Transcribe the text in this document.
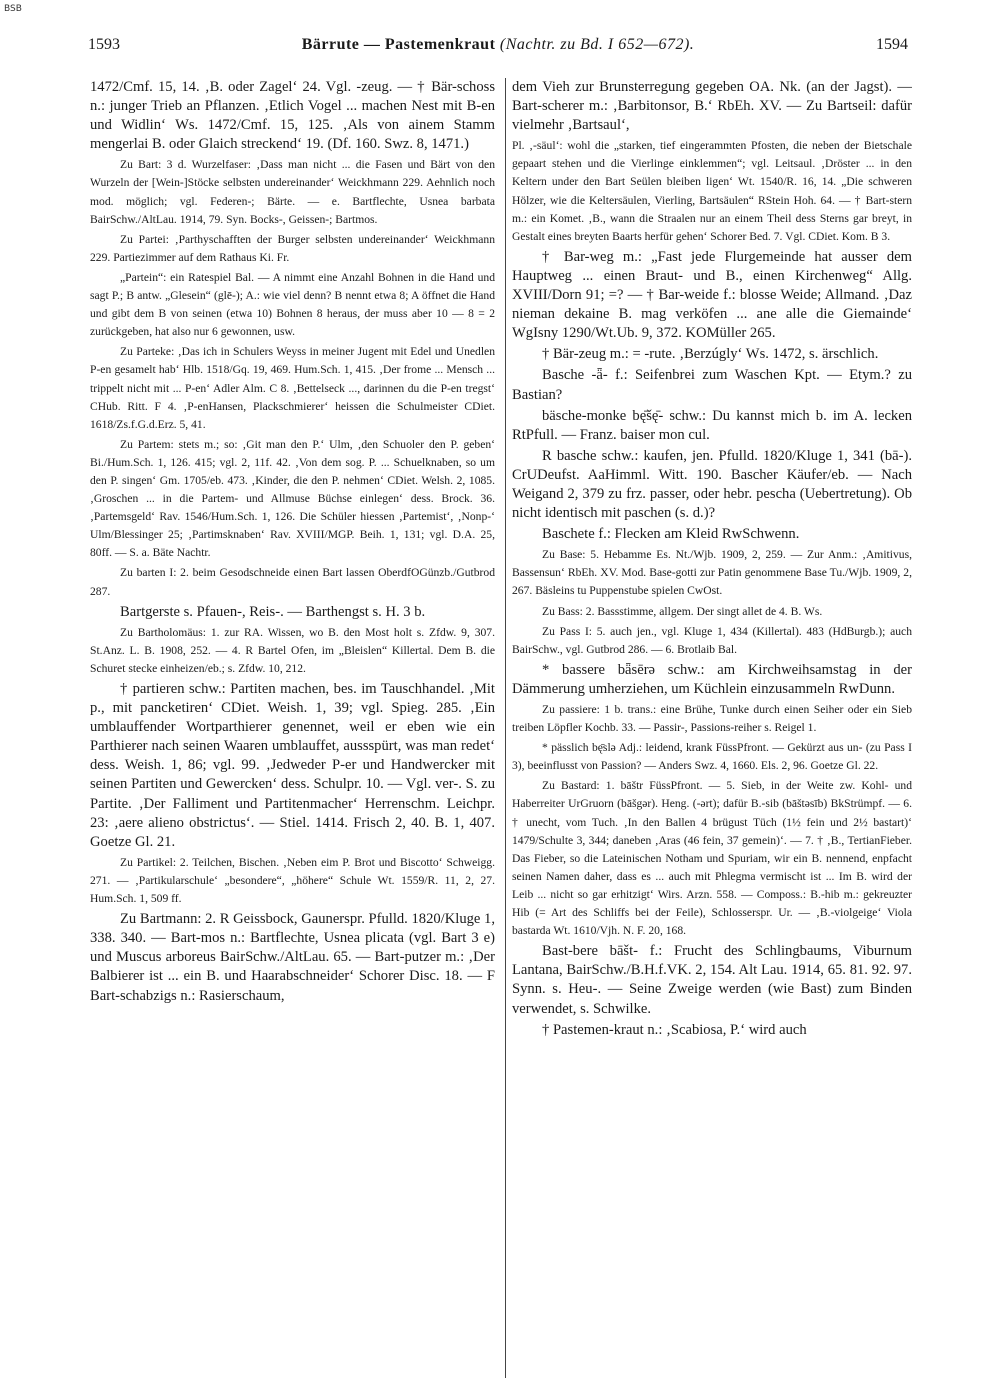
BSB
1593	Bärrute — Pastemenkraut (Nachtr. zu Bd. I 652—672).	1594

1472/Cmf. 15, 14. ‚B. oder Zagel‘ 24. Vgl. -zeug. — † Bär-schoss n.: junger Trieb an Pflanzen. ‚Etlich Vogel ... machen Nest mit B-en und Widlin‘ Ws. 1472/Cmf. 15, 125. ‚Als von ainem Stamm mengerlai B. oder Glaich streckend‘ 19. (Df. 160. Swz. 8, 1471.)

Zu Bart: 3 d. Wurzelfaser: ‚Dass man nicht ... die Fasen und Bärt von den Wurzeln der [Wein-]Stöcke selbsten undereinander‘ Weickhmann 229. Aehnlich noch mod. möglich; vgl. Federen-; Bärte. — e. Bartflechte, Usnea barbata BairSchw./AltLau. 1914, 79. Syn. Bocks-, Geissen-; Bartmos.

Zu Partei: ‚Parthyschafften der Burger selbsten undereinander‘ Weickhmann 229. Partiezimmer auf dem Rathaus Ki. Fr.

„Partein“: ein Ratespiel Bal. — A nimmt eine Anzahl Bohnen in die Hand und sagt P.; B antw. „Glesein“ (glē-); A.: wie viel denn? B nennt etwa 8; A öffnet die Hand und gibt dem B von seinen (etwa 10) Bohnen 8 heraus, der muss aber 10 — 8 = 2 zurückgeben, hat also nur 6 gewonnen, usw.

Zu Parteke: ‚Das ich in Schulers Weyss in meiner Jugent mit Edel und Unedlen P-en gesamelt hab‘ Hlb. 1518/Gq. 19, 469. Hum.Sch. 1, 415. ‚Der frome ... Mensch ... trippelt nicht mit ... P-en‘ Adler Alm. C 8. ‚Bettelseck ..., darinnen du die P-en tregst‘ CHub. Ritt. F 4. ‚P-enHansen, Plackschmierer‘ heissen die Schulmeister CDiet. 1618/Zs.f.G.d.Erz. 5, 41.

Zu Partem: stets m.; so: ‚Git man den P.‘ Ulm, ‚den Schuoler den P. geben‘ Bi./Hum.Sch. 1, 126. 415; vgl. 2, 11f. 42. ‚Von dem sog. P. ... Schuelknaben, so um den P. singen‘ Gm. 1705/eb. 473. ‚Kinder, die den P. nehmen‘ CDiet. Welsh. 2, 1085. ‚Groschen ... in die Partem- und Allmuse Büchse einlegen‘ dess. Brock. 36. ‚Partemsgeld‘ Rav. 1546/Hum.Sch. 1, 126. Die Schüler hiessen ‚Partemist‘, ‚Nonp-‘ Ulm/Blessinger 25; ‚Partimsknaben‘ Rav. XVIII/MGP. Beih. 1, 131; vgl. D.A. 25, 80ff. — S. a. Bäte Nachtr.

Zu barten I: 2. beim Gesodschneide einen Bart lassen OberdfOGünzb./Gutbrod 287.

Bartgerste s. Pfauen-, Reis-. — Barthengst s. H. 3 b.

Zu Bartholomäus: 1. zur RA. Wissen, wo B. den Most holt s. Zfdw. 9, 307. St.Anz. L. B. 1908, 252. — 4. R Bartel Ofen, im „Bleislen“ Killertal. Dem B. die Schuret stecke einheizen/eb.; s. Zfdw. 10, 212.

† partieren schw.: Partiten machen, bes. im Tauschhandel. ‚Mit p., mit pancketiren‘ CDiet. Weish. 1, 39; vgl. Spieg. 285. ‚Ein umblauffender Wortparthierer genennet, weil er eben wie ein Parthierer nach seinen Waaren umblauffet, aussspürt, was man redet‘ dess. Weish. 1, 86; vgl. 99. ‚Jedweder P-er und Handwercker mit seinen Partiten und Gewercken‘ dess. Schulpr. 10. — Vgl. ver-. S. zu Partite. ‚Der Falliment und Partitenmacher‘ Herrenschm. Leichpr. 23: ‚aere alieno obstrictus‘. — Stiel. 1414. Frisch 2, 40. B. 1, 407. Goetze Gl. 21.

Zu Partikel: 2. Teilchen, Bischen. ‚Neben eim P. Brot und Biscotto‘ Schweigg. 271. — ‚Partikularschule‘ „besondere“, „höhere“ Schule Wt. 1559/R. 11, 2, 27. Hum.Sch. 1, 509 ff.

Zu Bartmann: 2. R Geissbock, Gaunerspr. Pfulld. 1820/Kluge 1, 338. 340. — Bart-mos n.: Bartflechte, Usnea plicata (vgl. Bart 3 e) und Muscus arboreus BairSchw./AltLau. 65. — Bart-putzer m.: ‚Der Balbierer ist ... ein B. und Haarabschneider‘ Schorer Disc. 18. — F Bart-schabzigs n.: Rasierschaum,

dem Vieh zur Brunsterregung gegeben OA. Nk. (an der Jagst). — Bart-scherer m.: ‚Barbitonsor, B.‘ RbEh. XV. — Zu Bartseil: dafür vielmehr ‚Bartsaul‘,

Pl. ‚-säul‘: wohl die „starken, tief eingerammten Pfosten, die neben der Bietschale gepaart stehen und die Vierlinge einklemmen“; vgl. Leitsaul. ‚Dröster ... in den Keltern under den Bart Seülen bleiben ligen‘ Wt. 1540/R. 16, 14. „Die schweren Hölzer, wie die Keltersäulen, Vierling, Bartsäulen“ RStein Hoh. 64. — † Bart-stern m.: ein Komet. ‚B., wann die Straalen nur an einem Theil dess Sterns gar breyt, in Gestalt eines breyten Baarts herfür gehen‘ Schorer Bed. 7. Vgl. CDiet. Kom. B 3.

† Bar-weg m.: „Fast jede Flurgemeinde hat ausser dem Hauptweg ... einen Braut- und B., einen Kirchenweg“ Allg. XVIII/Dorn 91; =? — † Bar-weide f.: blosse Weide; Allmand. ‚Daz nieman dekaine B. mag verköfen ... ane alle die Giemainde‘ WgIsny 1290/Wt.Ub. 9, 372. KOMüller 265.

† Bär-zeug m.: = -rute. ‚Berzúgly‘ Ws. 1472, s. ärschlich.

Basche -ǟ- f.: Seifenbrei zum Waschen Kpt. — Etym.? zu Bastian?

bäsche-monke bę̄šę̄- schw.: Du kannst mich b. im A. lecken RtPfull. — Franz. baiser mon cul.

R basche schw.: kaufen, jen. Pfulld. 1820/Kluge 1, 341 (bā-). CrUDeufst. AaHimml. Witt. 190. Bascher Käufer/eb. — Nach Weigand 2, 379 zu frz. passer, oder hebr. pescha (Uebertretung). Ob nicht identisch mit paschen (s. d.)?

Baschete f.: Flecken am Kleid RwSchwenn.

Zu Base: 5. Hebamme Es. Nt./Wjb. 1909, 2, 259. — Zur Anm.: ‚Amitivus, Bassensun‘ RbEh. XV. Mod. Base-gotti zur Patin genommene Base Tu./Wjb. 1909, 2, 267. Bäsleins tu Puppenstube spielen CwOst.

Zu Bass: 2. Bassstimme, allgem. Der singt allet de 4. B. Ws.

Zu Pass I: 5. auch jen., vgl. Kluge 1, 434 (Killertal). 483 (HdBurgb.); auch BairSchw., vgl. Gutbrod 286. — 6. Brotlaib Bal.

* bassere bǟsērə schw.: am Kirchweihsamstag in der Dämmerung umherziehen, um Küchlein einzusammeln RwDunn.

Zu passiere: 1 b. trans.: eine Brühe, Tunke durch einen Seiher oder ein Sieb treiben Löpfler Kochb. 33. — Passir-, Passions-reiher s. Reigel 1.

* pässlich bę̄slə Adj.: leidend, krank FüssPfront. — Gekürzt aus un- (zu Pass I 3), beeinflusst von Passion? — Anders Swz. 4, 1660. Els. 2, 96. Goetze Gl. 22.

Zu Bastard: 1. bāštr FüssPfront. — 5. Sieb, in der Weite zw. Kohl- und Haberreiter UrGruorn (bāšgər). Heng. (-ərt); dafür B.-sib (bāštəsīb) BkStrümpf. — 6. † unecht, vom Tuch. ‚In den Ballen 4 brügust Tüch (1½ fein und 2½ bastart)‘ 1479/Schulte 3, 344; daneben ‚Aras (46 fein, 37 gemein)‘. — 7. † ‚B., TertianFieber. Das Fieber, so die Lateinischen Notham und Spuriam, wir ein B. nennend, enpfacht seinen Namen daher, dass es ... auch mit Phlegma vermischt ist ... Im B. wird der Leib ... nicht so gar erhitzigt‘ Wirs. Arzn. 558. — Composs.: B.-hib m.: gekreuzter Hib (= Art des Schliffs bei der Feile), Schlosserspr. Ur. — ‚B.-violgeige‘ Viola bastarda Wt. 1610/Vjh. N. F. 20, 168.

Bast-bere bāšt- f.: Frucht des Schlingbaums, Viburnum Lantana, BairSchw./B.H.f.VK. 2, 154. Alt Lau. 1914, 65. 81. 92. 97. Synn. s. Heu-. — Seine Zweige werden (wie Bast) zum Binden verwendet, s. Schwilke.

† Pastemen-kraut n.: ‚Scabiosa, P.‘ wird auch
